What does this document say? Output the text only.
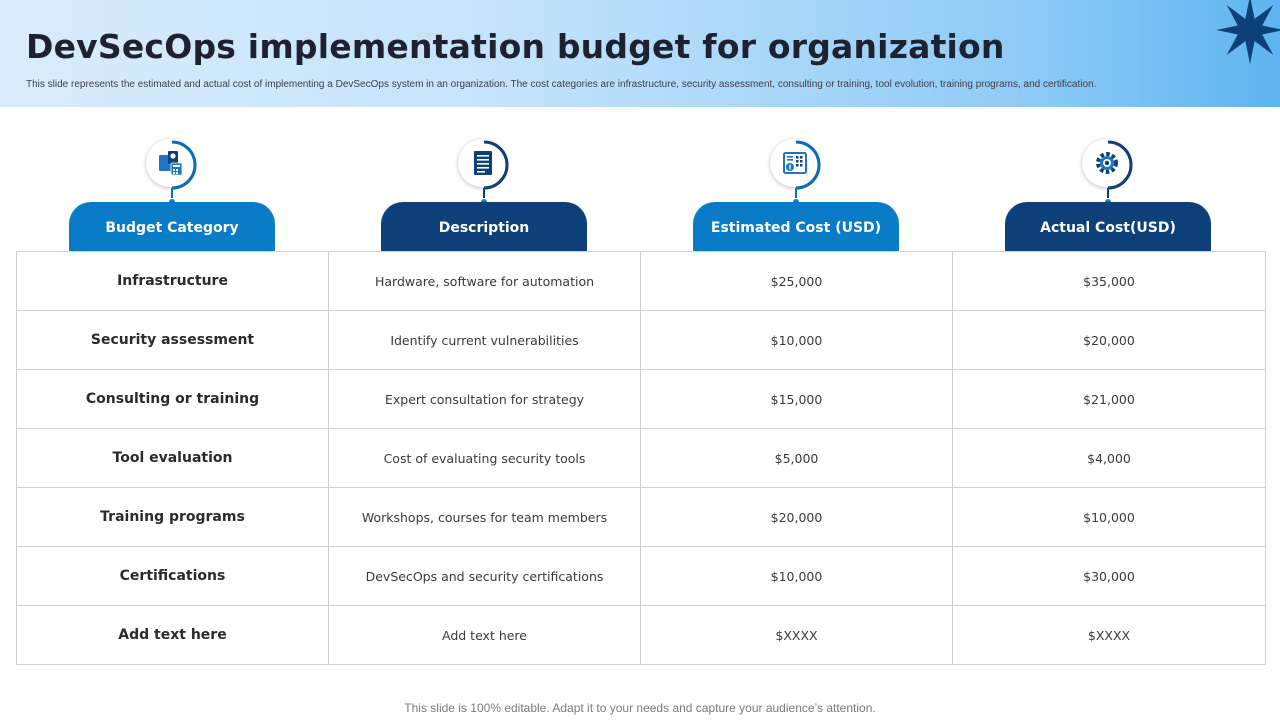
DevSecOps implementation budget for organization

This slide represents the estimated and actual cost of implementing a DevSecOps system in an organization. The cost categories are infrastructure, security assessment, consulting or training, tool evolution, training programs, and certification.

Budget Category	Description	Estimated Cost (USD)	Actual Cost(USD)
Infrastructure	Hardware, software for automation	$25,000	$35,000
Security assessment	Identify current vulnerabilities	$10,000	$20,000
Consulting or training	Expert consultation for strategy	$15,000	$21,000
Tool evaluation	Cost of evaluating security tools	$5,000	$4,000
Training programs	Workshops, courses for team members	$20,000	$10,000
Certifications	DevSecOps and security certifications	$10,000	$30,000
Add text here	Add text here	$XXXX	$XXXX
This slide is 100% editable. Adapt it to your needs and capture your audience’s attention.
